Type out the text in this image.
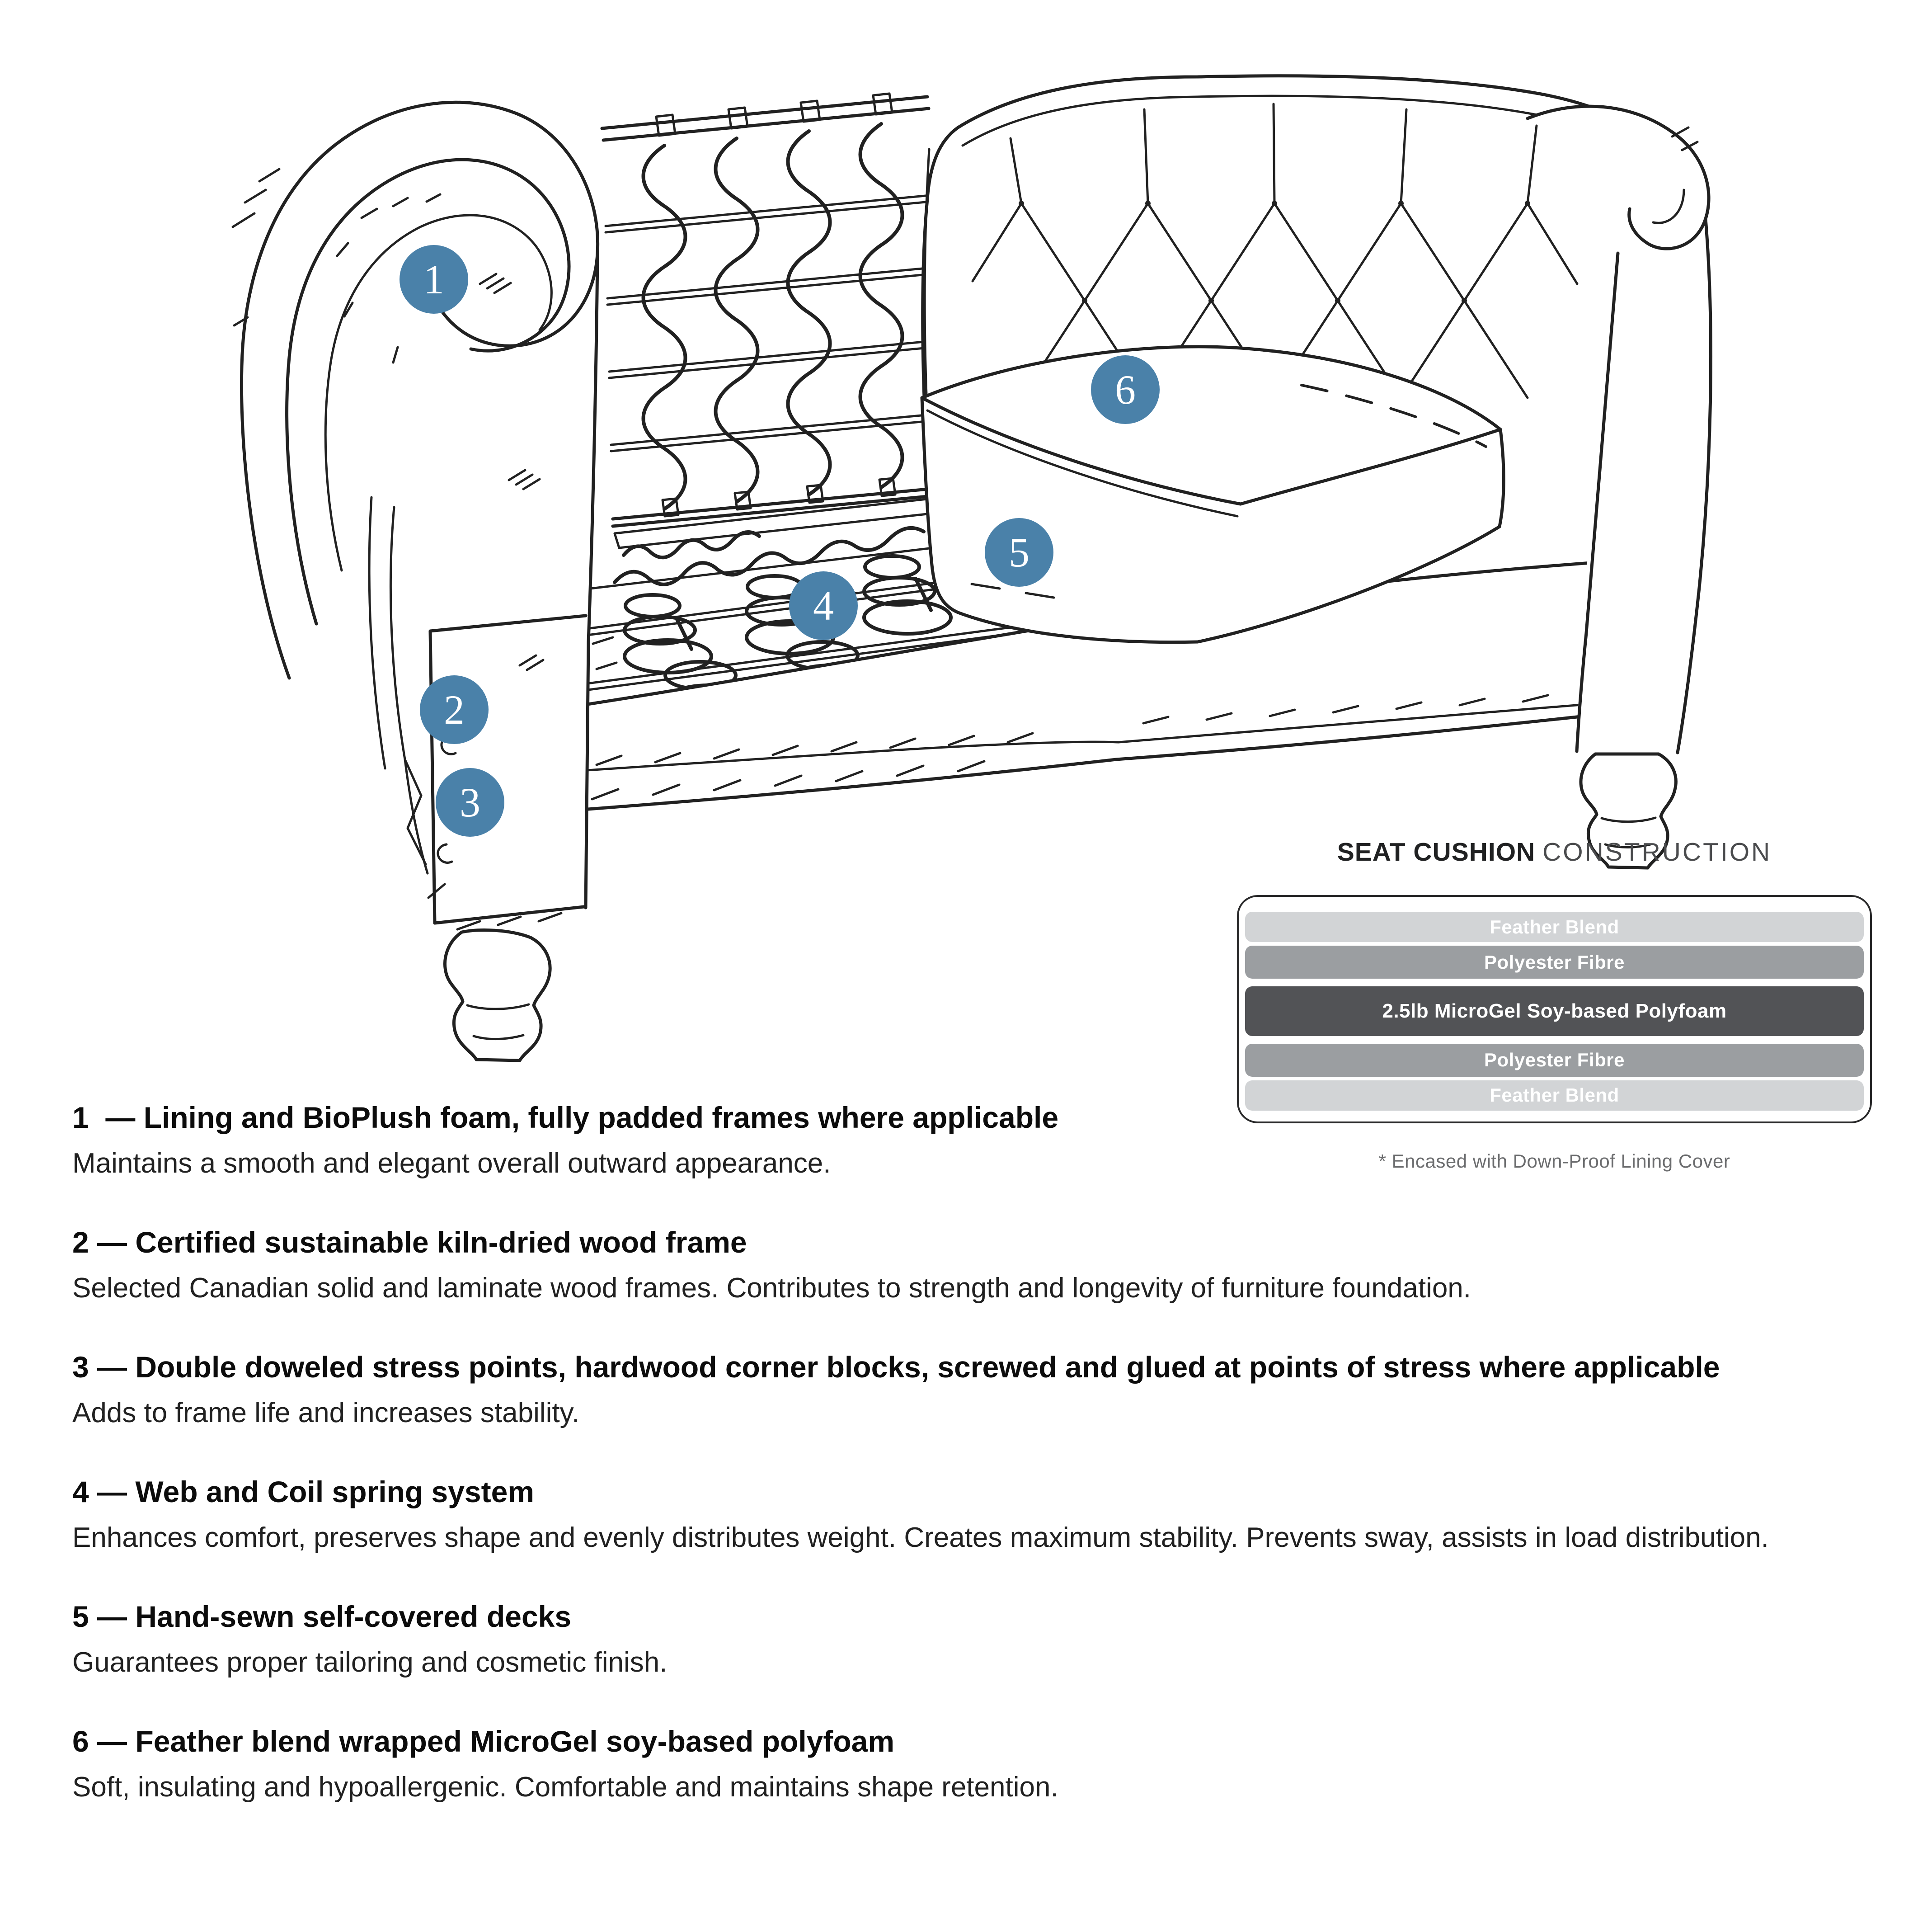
1
2
3
4
5
6
SEAT CUSHION CONSTRUCTION
Feather Blend
Polyester Fibre
2.5lb MicroGel Soy-based Polyfoam
Polyester Fibre
Feather Blend
* Encased with Down-Proof Lining Cover
1  — Lining and BioPlush foam, fully padded frames where applicable

Maintains a smooth and elegant overall outward appearance.

2 — Certified sustainable kiln-dried wood frame

Selected Canadian solid and laminate wood frames. Contributes to strength and longevity of furniture foundation.

3 — Double doweled stress points, hardwood corner blocks, screwed and glued at points of stress where applicable

Adds to frame life and increases stability.

4 — Web and Coil spring system

Enhances comfort, preserves shape and evenly distributes weight. Creates maximum stability. Prevents sway, assists in load distribution.

5 — Hand-sewn self-covered decks

Guarantees proper tailoring and cosmetic finish.

6 — Feather blend wrapped MicroGel soy-based polyfoam

Soft, insulating and hypoallergenic. Comfortable and maintains shape retention.
